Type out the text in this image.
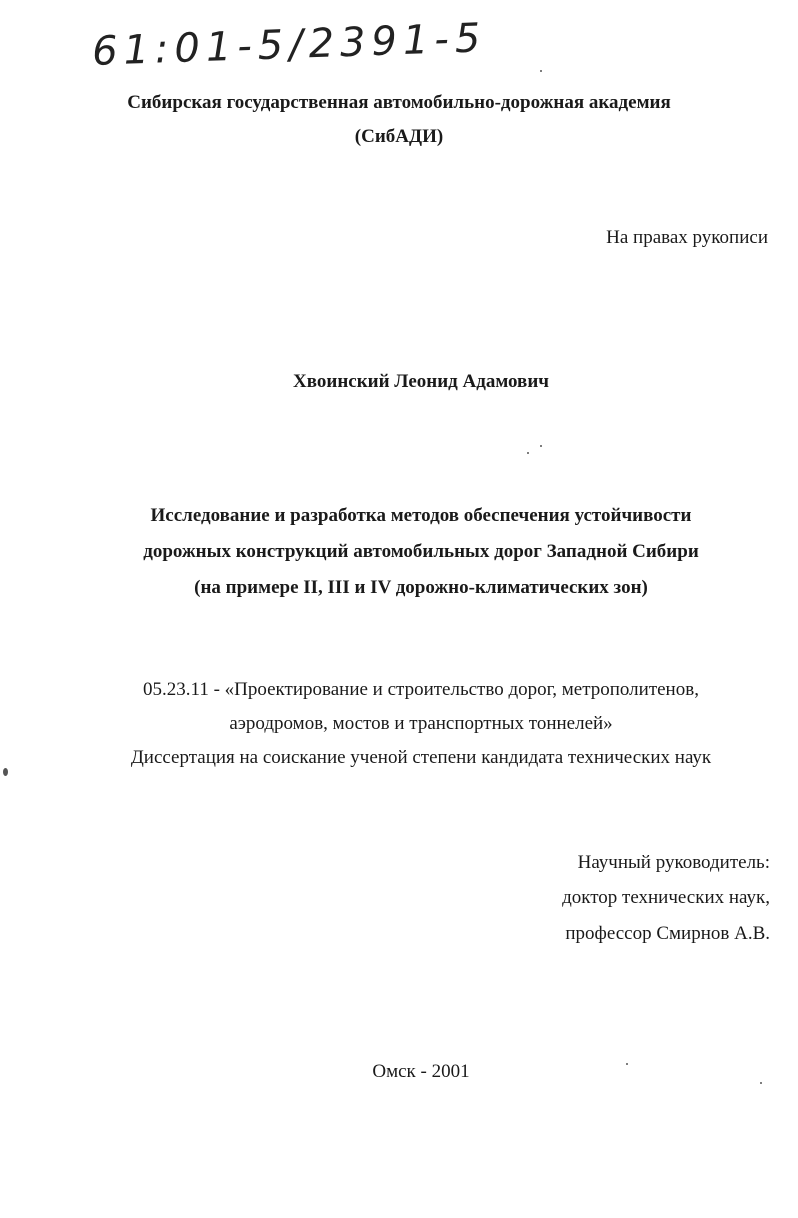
61:01-5/2391-5
Сибирская государственная автомобильно-дорожная академия
(СибАДИ)
На правах рукописи
Хвоинский Леонид Адамович
Исследование и разработка методов обеспечения устойчивости
дорожных конструкций автомобильных дорог Западной Сибири
(на примере II, III и IV дорожно-климатических зон)
05.23.11 - «Проектирование и строительство дорог, метрополитенов,
аэродромов, мостов и транспортных тоннелей»
Диссертация на соискание ученой степени кандидата технических наук
Научный руководитель:
доктор технических наук,
профессор Смирнов А.В.
Омск - 2001
